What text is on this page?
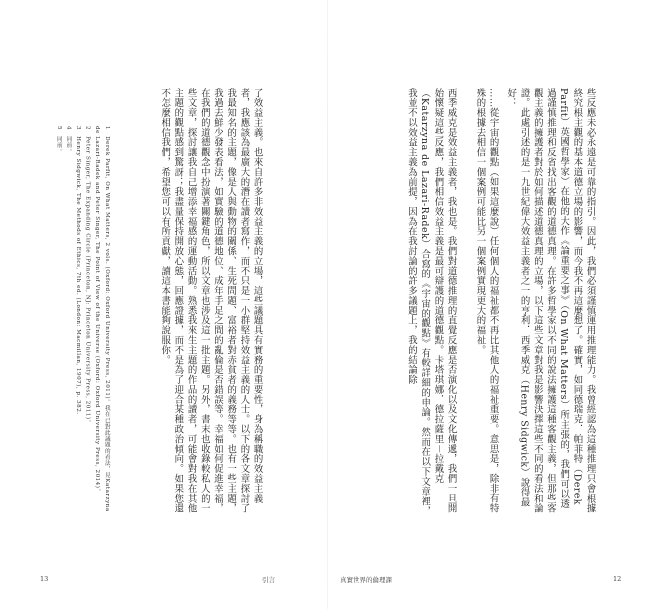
了效益主義。也來自許多非效益主義的立場，這些議題具有實務的重要性，身為稱職的效益主義者，我應該為最廣大的潛在讀者寫作，而不只是一小群堅持效益主義的人士。以下的各文章探討了我最知名的主題，像是人與動物的關係、生死問題、富裕者對赤貧者的義務等等。也有一些主題，我過去鮮少發表看法，如實驗的道德地位、成年手足之間的亂倫是否錯誤等。幸福如何促進幸福，在我們的道德觀念中扮演著關鍵角色，所以文章也涉及這一批主題。另外，書末也收錄較私人的一些文章，探討讓我自己增添幸福感的運動活動。熟悉我來生主題的作品的讀者，可能會對我在其他主題的觀點感到驚訝；我盡量保持開放心態，回應證據，而不是為了迎合某種政治傾向。如果您還不怎麼相信我們，希望您可以有所貢獻，讀這本書能夠說服你。

1　Derek Parfit, On What Matters, 2 vols. (Oxford: Oxford University Press, 2011)。我在已對此議題的看法，見Katarzyna de Lazari-Radek and Peter Singer, The Point of View of the Universe (Oxford: Oxford University Press, 2014)。
2　Peter Singer, The Expanding Circle (Princeton, NJ: Princeton University Press, 2011)。
3　Henry Sidgwick, The Methods of Ethics, 7th ed. (London: Macmillan, 1907), p. 382.
4　同前。
5　同前。

13	引言

些反應未必永遠是可靠的指引。因此，我們必須謹慎運用推理能力。我曾經認為這種推理只會根據終究根主觀的基本道德立場的影響，而今我不再這麼想了。確實，如同德瑞克．帕菲特（Derek Parfit）英國哲學家）在他的大作《論重要之事》（On What Matters）所主張的，我們可以透過謹慎推理和反省找出客觀的道德真理。在許多哲學家以不同的說法擁護這種客觀主義，但那些客觀主義的擁護者對於如何描述道德真理的立場，以下這些文章對我是影響決擇這些不同的看法和論證。此處引述的是一九世紀偉大效益主義者之一的亨利．西季威克（Henry Sidgwick）說得最好：

……從宇宙的觀點（如果這麼說）任何個人的福祉都不再比其他人的福祉重要。意思是，除非有特殊的根據去相信一個案例可能比另一個案例實現更大的福祉。

西季威克是效益主義者，我也是。我們對道德推理的直覺反應是否演化以及文化傳遞，我們一旦開始懷疑這些反應，我們相信效益主義是最可辯護的道德觀點。卡塔琪娜．德拉薩里－拉戴克（Katarzyna de Lazari-Radek）合寫的《宇宙的觀點》有較詳細的申論。然而在以下文章裡，我並不以效益主義為前提，因為在我討論的許多議題上，我的結論除

真實世界的倫理課	12
